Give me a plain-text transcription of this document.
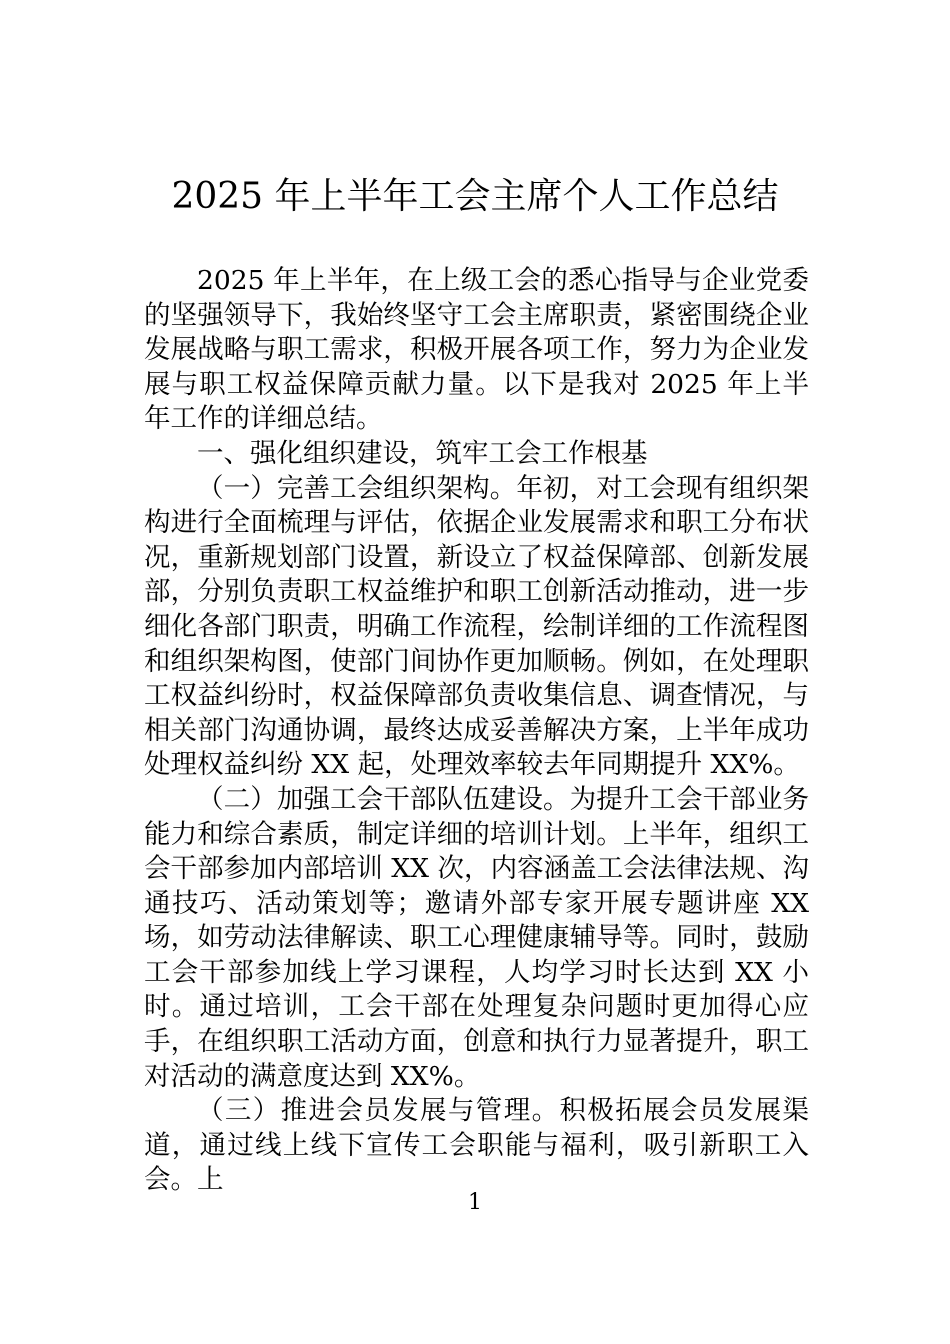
2025 年上半年工会主席个人工作总结

2025 年上半年，在上级工会的悉心指导与企业党委的坚强领导下，我始终坚守工会主席职责，紧密围绕企业发展战略与职工需求，积极开展各项工作，努力为企业发展与职工权益保障贡献力量。以下是我对 2025 年上半年工作的详细总结。

一、强化组织建设，筑牢工会工作根基

（一）完善工会组织架构。年初，对工会现有组织架构进行全面梳理与评估，依据企业发展需求和职工分布状况，重新规划部门设置，新设立了权益保障部、创新发展部，分别负责职工权益维护和职工创新活动推动，进一步细化各部门职责，明确工作流程，绘制详细的工作流程图和组织架构图，使部门间协作更加顺畅。例如，在处理职工权益纠纷时，权益保障部负责收集信息、调查情况，与相关部门沟通协调，最终达成妥善解决方案，上半年成功处理权益纠纷 XX 起，处理效率较去年同期提升 XX%。

（二）加强工会干部队伍建设。为提升工会干部业务能力和综合素质，制定详细的培训计划。上半年，组织工会干部参加内部培训 XX 次，内容涵盖工会法律法规、沟通技巧、活动策划等；邀请外部专家开展专题讲座 XX 场，如劳动法律解读、职工心理健康辅导等。同时，鼓励工会干部参加线上学习课程，人均学习时长达到 XX 小时。通过培训，工会干部在处理复杂问题时更加得心应手，在组织职工活动方面，创意和执行力显著提升，职工对活动的满意度达到 XX%。

（三）推进会员发展与管理。积极拓展会员发展渠道，通过线上线下宣传工会职能与福利，吸引新职工入会。上

1
